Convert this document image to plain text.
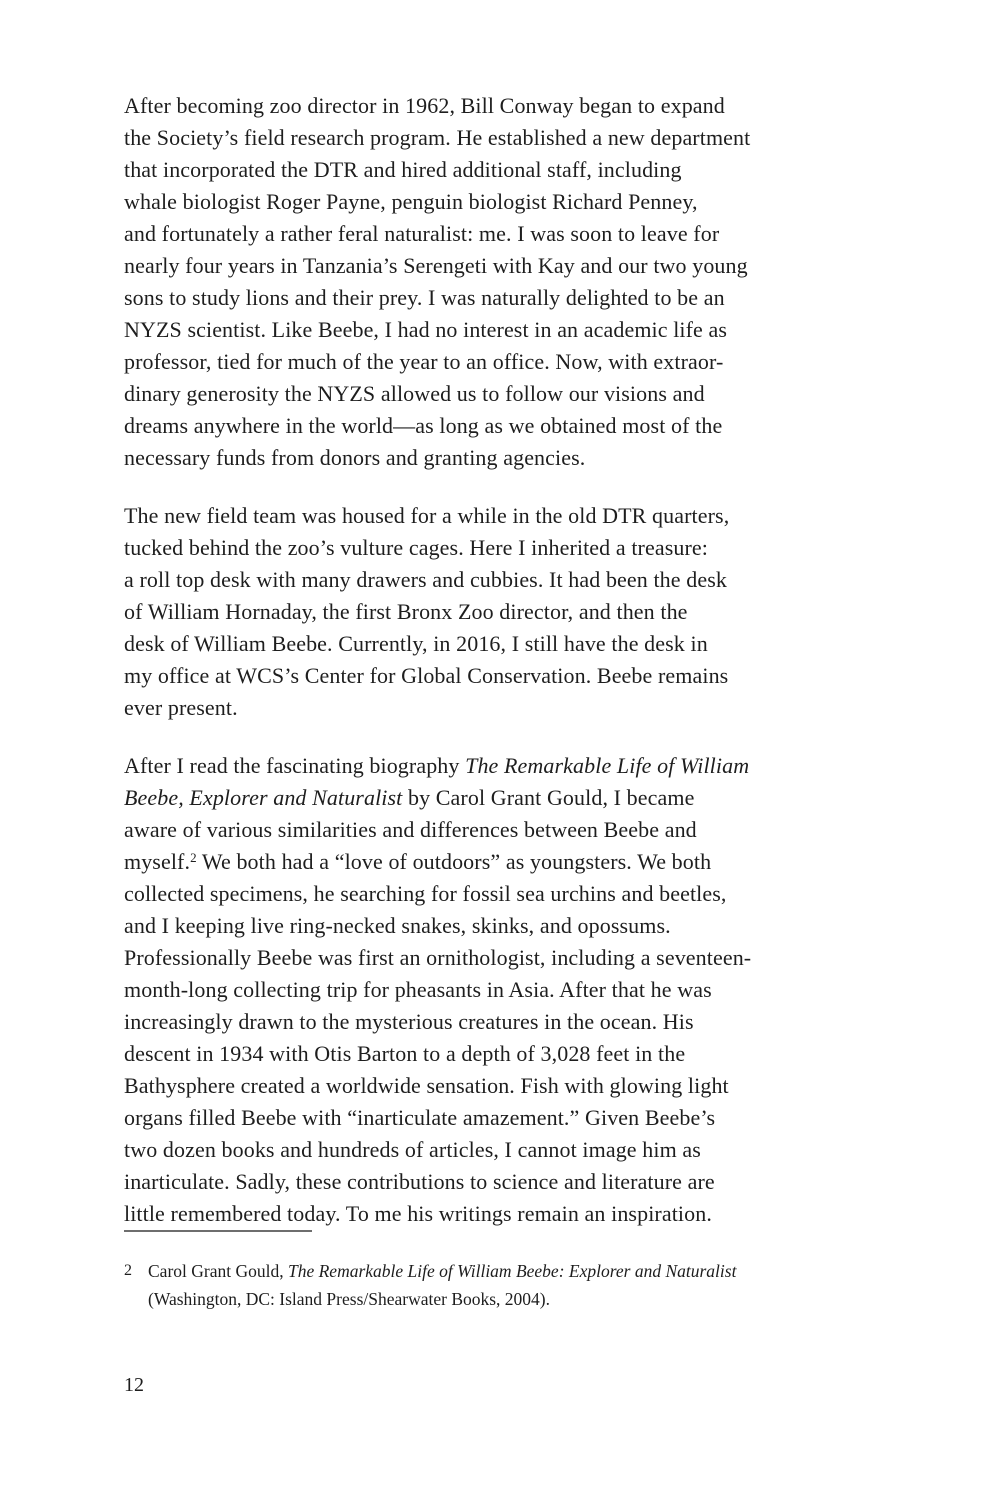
After becoming zoo director in 1962, Bill Conway began to expand
the Society’s field research program. He established a new department
that incorporated the DTR and hired additional staff, including
whale biologist Roger Payne, penguin biologist Richard Penney,
and fortunately a rather feral naturalist: me. I was soon to leave for
nearly four years in Tanzania’s Serengeti with Kay and our two young
sons to study lions and their prey. I was naturally delighted to be an
NYZS scientist. Like Beebe, I had no interest in an academic life as
professor, tied for much of the year to an office. Now, with extraor-
dinary generosity the NYZS allowed us to follow our visions and
dreams anywhere in the world—as long as we obtained most of the
necessary funds from donors and granting agencies.

The new field team was housed for a while in the old DTR quarters,
tucked behind the zoo’s vulture cages. Here I inherited a treasure:
a roll top desk with many drawers and cubbies. It had been the desk
of William Hornaday, the first Bronx Zoo director, and then the
desk of William Beebe. Currently, in 2016, I still have the desk in
my office at WCS’s Center for Global Conservation. Beebe remains
ever present.

After I read the fascinating biography The Remarkable Life of William
Beebe, Explorer and Naturalist by Carol Grant Gould, I became
aware of various similarities and differences between Beebe and
myself.$^2$ We both had a “love of outdoors” as youngsters. We both
collected specimens, he searching for fossil sea urchins and beetles,
and I keeping live ring-necked snakes, skinks, and opossums.
Professionally Beebe was first an ornithologist, including a seventeen-
month-long collecting trip for pheasants in Asia. After that he was
increasingly drawn to the mysterious creatures in the ocean. His
descent in 1934 with Otis Barton to a depth of 3,028 feet in the
Bathysphere created a worldwide sensation. Fish with glowing light
organs filled Beebe with “inarticulate amazement.” Given Beebe’s
two dozen books and hundreds of articles, I cannot image him as
inarticulate. Sadly, these contributions to science and literature are
little remembered today. To me his writings remain an inspiration.

2 Carol Grant Gould, The Remarkable Life of William Beebe: Explorer and Naturalist
(Washington, DC: Island Press/Shearwater Books, 2004).
12
